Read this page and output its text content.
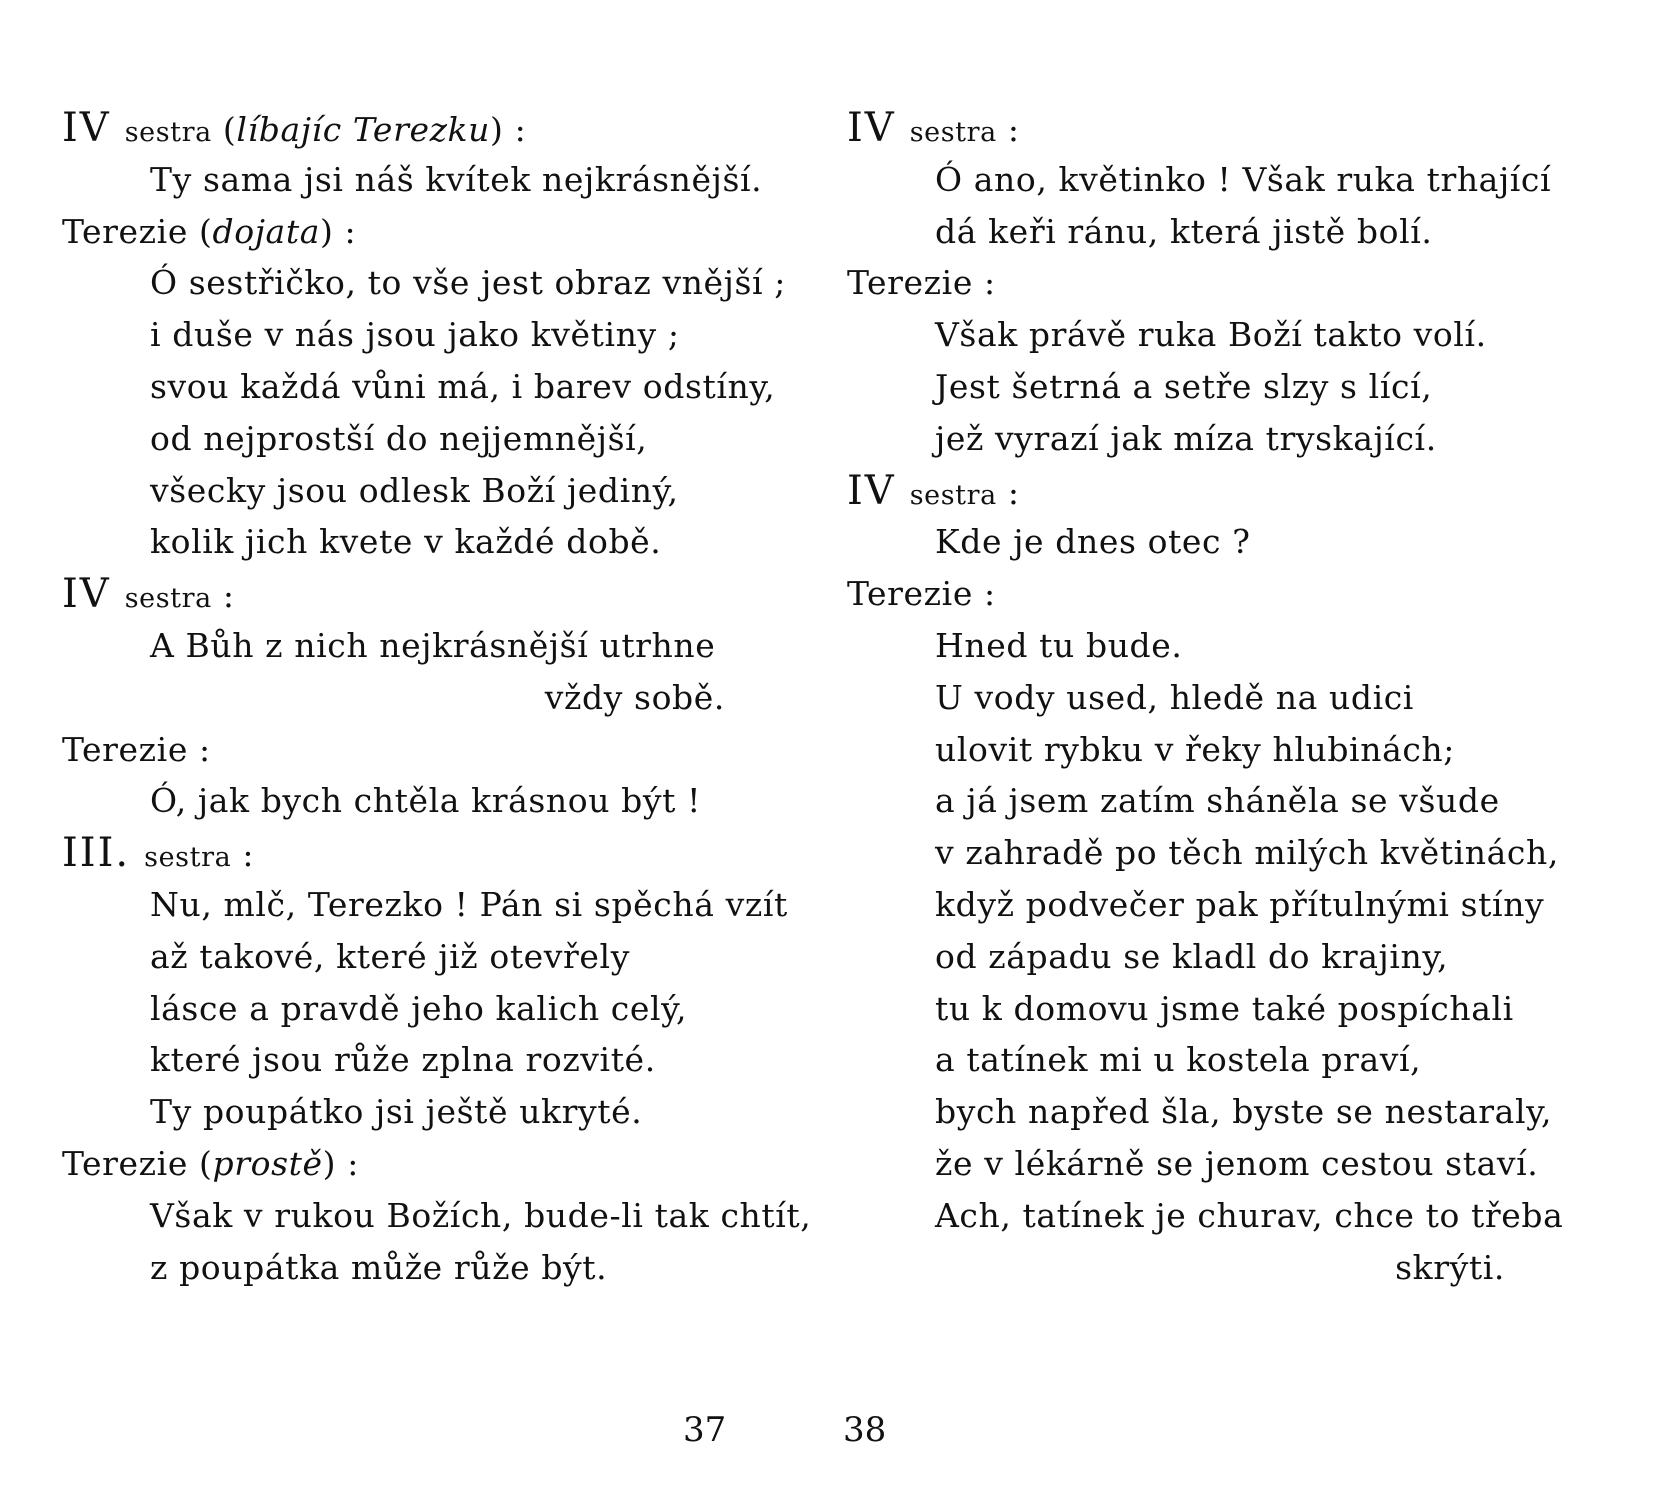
IV sestra (líbajíc Terezku) :
Ty sama jsi náš kvítek nejkrásnější.
Terezie (dojata) :
Ó sestřičko, to vše jest obraz vnější ;
i duše v nás jsou jako květiny ;
svou každá vůni má, i barev odstíny,
od nejprostší do nejjemnější,
všecky jsou odlesk Boží jediný,
kolik jich kvete v každé době.
IV sestra :
A Bůh z nich nejkrásnější utrhne
vždy sobě.
Terezie :
Ó, jak bych chtěla krásnou být !
III. sestra :
Nu, mlč, Terezko ! Pán si spěchá vzít
až takové, které již otevřely
lásce a pravdě jeho kalich celý,
které jsou růže zplna rozvité.
Ty poupátko jsi ještě ukryté.
Terezie (prostě) :
Však v rukou Božích, bude-li tak chtít,
z poupátka může růže být.
IV sestra :
Ó ano, květinko ! Však ruka trhající
dá keři ránu, která jistě bolí.
Terezie :
Však právě ruka Boží takto volí.
Jest šetrná a setře slzy s lící,
jež vyrazí jak míza tryskající.
IV sestra :
Kde je dnes otec ?
Terezie :
Hned tu bude.
U vody used, hledě na udici
ulovit rybku v řeky hlubinách;
a já jsem zatím sháněla se všude
v zahradě po těch milých květinách,
když podvečer pak přítulnými stíny
od západu se kladl do krajiny,
tu k domovu jsme také pospíchali
a tatínek mi u kostela praví,
bych napřed šla, byste se nestaraly,
že v lékárně se jenom cestou staví.
Ach, tatínek je churav, chce to třeba
skrýti.
37	38
